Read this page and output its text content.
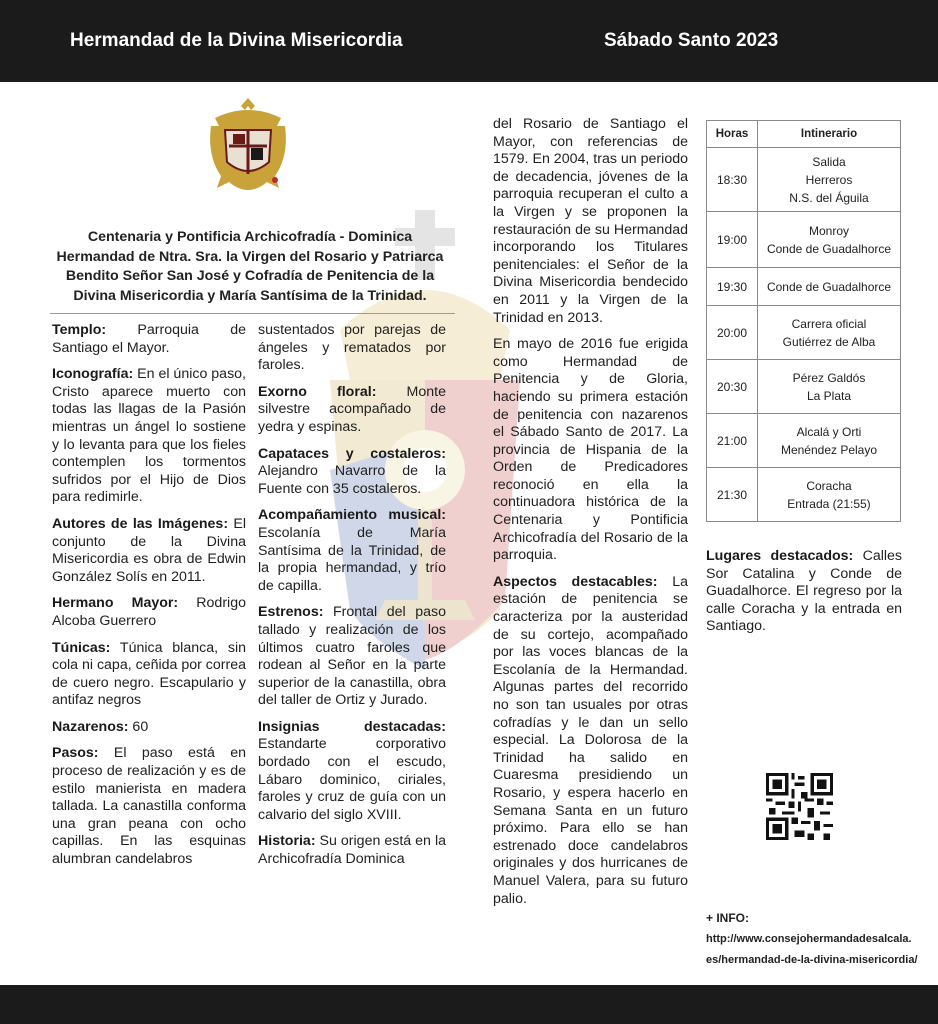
Hermandad de la Divina Misericordia	Sábado Santo 2023
Centenaria y Pontificia Archicofradía - Dominica
Hermandad de Ntra. Sra. la Virgen del Rosario y Patriarca
Bendito Señor San José y Cofradía de Penitencia de la
Divina Misericordia y María Santísima de la Trinidad.

Templo: Parroquia de Santiago el Mayor.

Iconografía: En el único paso, Cristo aparece muerto con todas las llagas de la Pasión mientras un ángel lo sostiene y lo levanta para que los fieles contemplen los tormentos sufridos por el Hijo de Dios para redimirle.

Autores de las Imágenes: El conjunto de la Divina Misericordia es obra de Edwin González Solís en 2011.

Hermano Mayor: Rodrigo Alcoba Guerrero

Túnicas: Túnica blanca, sin cola ni capa, ceñida por correa de cuero negro. Escapulario y antifaz negros

Nazarenos: 60

Pasos: El paso está en proceso de realización y es de estilo manierista en madera tallada. La canastilla conforma una gran peana con ocho capillas. En las esquinas alumbran candelabros

sustentados por parejas de ángeles y rematados por faroles.

Exorno floral: Monte silvestre acompañado de yedra y espinas.

Capataces y costaleros: Alejandro Navarro de la Fuente con 35 costaleros.

Acompañamiento musical: Escolanía de María Santísima de la Trinidad, de la propia hermandad, y trío de capilla.

Estrenos: Frontal del paso tallado y realización de los últimos cuatro faroles que rodean al Señor en la parte superior de la canastilla, obra del taller de Ortiz y Jurado.

Insignias destacadas: Estandarte corporativo bordado con el escudo, Lábaro dominico, ciriales, faroles y cruz de guía con un calvario del siglo XVIII.

Historia: Su origen está en la Archicofradía Dominica

del Rosario de Santiago el Mayor, con referencias de 1579. En 2004, tras un periodo de decadencia, jóvenes de la parroquia recuperan el culto a la Virgen y se proponen la restauración de su Hermandad incorporando los Titulares penitenciales: el Señor de la Divina Misericordia bendecido en 2011 y la Virgen de la Trinidad en 2013.

En mayo de 2016 fue erigida como Hermandad de Penitencia y de Gloria, haciendo su primera estación de penitencia con nazarenos el Sábado Santo de 2017. La provincia de Hispania de la Orden de Predicadores reconoció en ella la continuadora histórica de la Centenaria y Pontificia Archicofradía del Rosario de la parroquia.

Aspectos destacables: La estación de penitencia se caracteriza por la austeridad de su cortejo, acompañado por las voces blancas de la Escolanía de la Hermandad. Algunas partes del recorrido no son tan usuales por otras cofradías y le dan un sello especial. La Dolorosa de la Trinidad ha salido en Cuaresma presidiendo un Rosario, y espera hacerlo en Semana Santa en un futuro próximo. Para ello se han estrenado doce candelabros originales y dos hurricanes de Manuel Valera, para su futuro palio.

Horas	Intinerario
18:30	Salida
Herreros
N.S. del Águila

19:00	Monroy
Conde de Guadalhorce

19:30	Conde de Guadalhorce

20:00	Carrera oficial
Gutiérrez de Alba

20:30	Pérez Galdós
La Plata

21:00	Alcalá y Orti
Menéndez Pelayo

21:30	Coracha
Entrada (21:55)

Lugares destacados: Calles Sor Catalina y Conde de Guadalhorce. El regreso por la calle Coracha y la entrada en Santiago.

+ INFO:
http://www.consejohermandadesalcala.
es/hermandad-de-la-divina-misericordia/
